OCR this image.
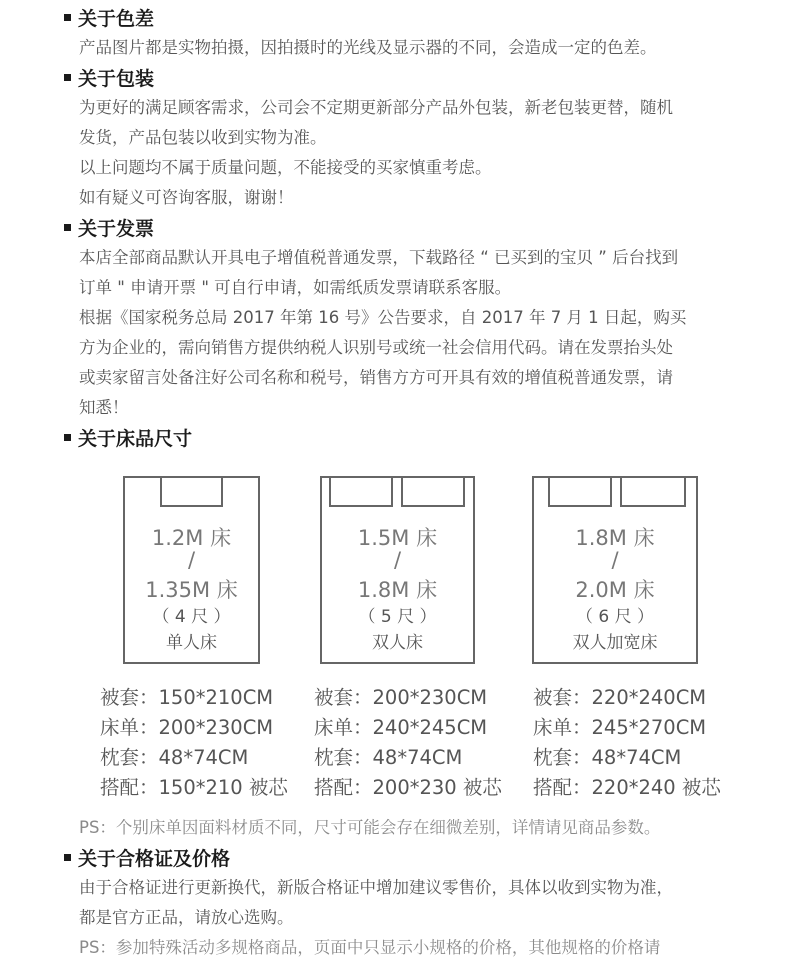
关于色差
产品图片都是实物拍摄，因拍摄时的光线及显示器的不同，会造成一定的色差。
关于包装
为更好的满足顾客需求，公司会不定期更新部分产品外包装，新老包装更替，随机
发货，产品包装以收到实物为准。
以上问题均不属于质量问题，不能接受的买家慎重考虑。
如有疑义可咨询客服，谢谢！
关于发票
本店全部商品默认开具电子增值税普通发票，下载路径 “ 已买到的宝贝 ” 后台找到
订单 " 申请开票 " 可自行申请，如需纸质发票请联系客服。
根据《国家税务总局 2017 年第 16 号》公告要求，自 2017 年 7 月 1 日起，购买
方为企业的，需向销售方提供纳税人识别号或统一社会信用代码。请在发票抬头处
或卖家留言处备注好公司名称和税号，销售方方可开具有效的增值税普通发票，请
知悉！
关于床品尺寸
1.2M 床
/
1.35M 床
（ 4 尺 ）
单人床
1.5M 床
/
1.8M 床
（ 5 尺 ）
双人床
1.8M 床
/
2.0M 床
（ 6 尺 ）
双人加宽床
被套：150*210CM
床单：200*230CM
枕套：48*74CM
搭配：150*210 被芯
被套：200*230CM
床单：240*245CM
枕套：48*74CM
搭配：200*230 被芯
被套：220*240CM
床单：245*270CM
枕套：48*74CM
搭配：220*240 被芯
PS：个别床单因面料材质不同，尺寸可能会存在细微差别，详情请见商品参数。
关于合格证及价格
由于合格证进行更新换代，新版合格证中增加建议零售价，具体以收到实物为准，
都是官方正品，请放心选购。
PS：参加特殊活动多规格商品，页面中只显示小规格的价格，其他规格的价格请
